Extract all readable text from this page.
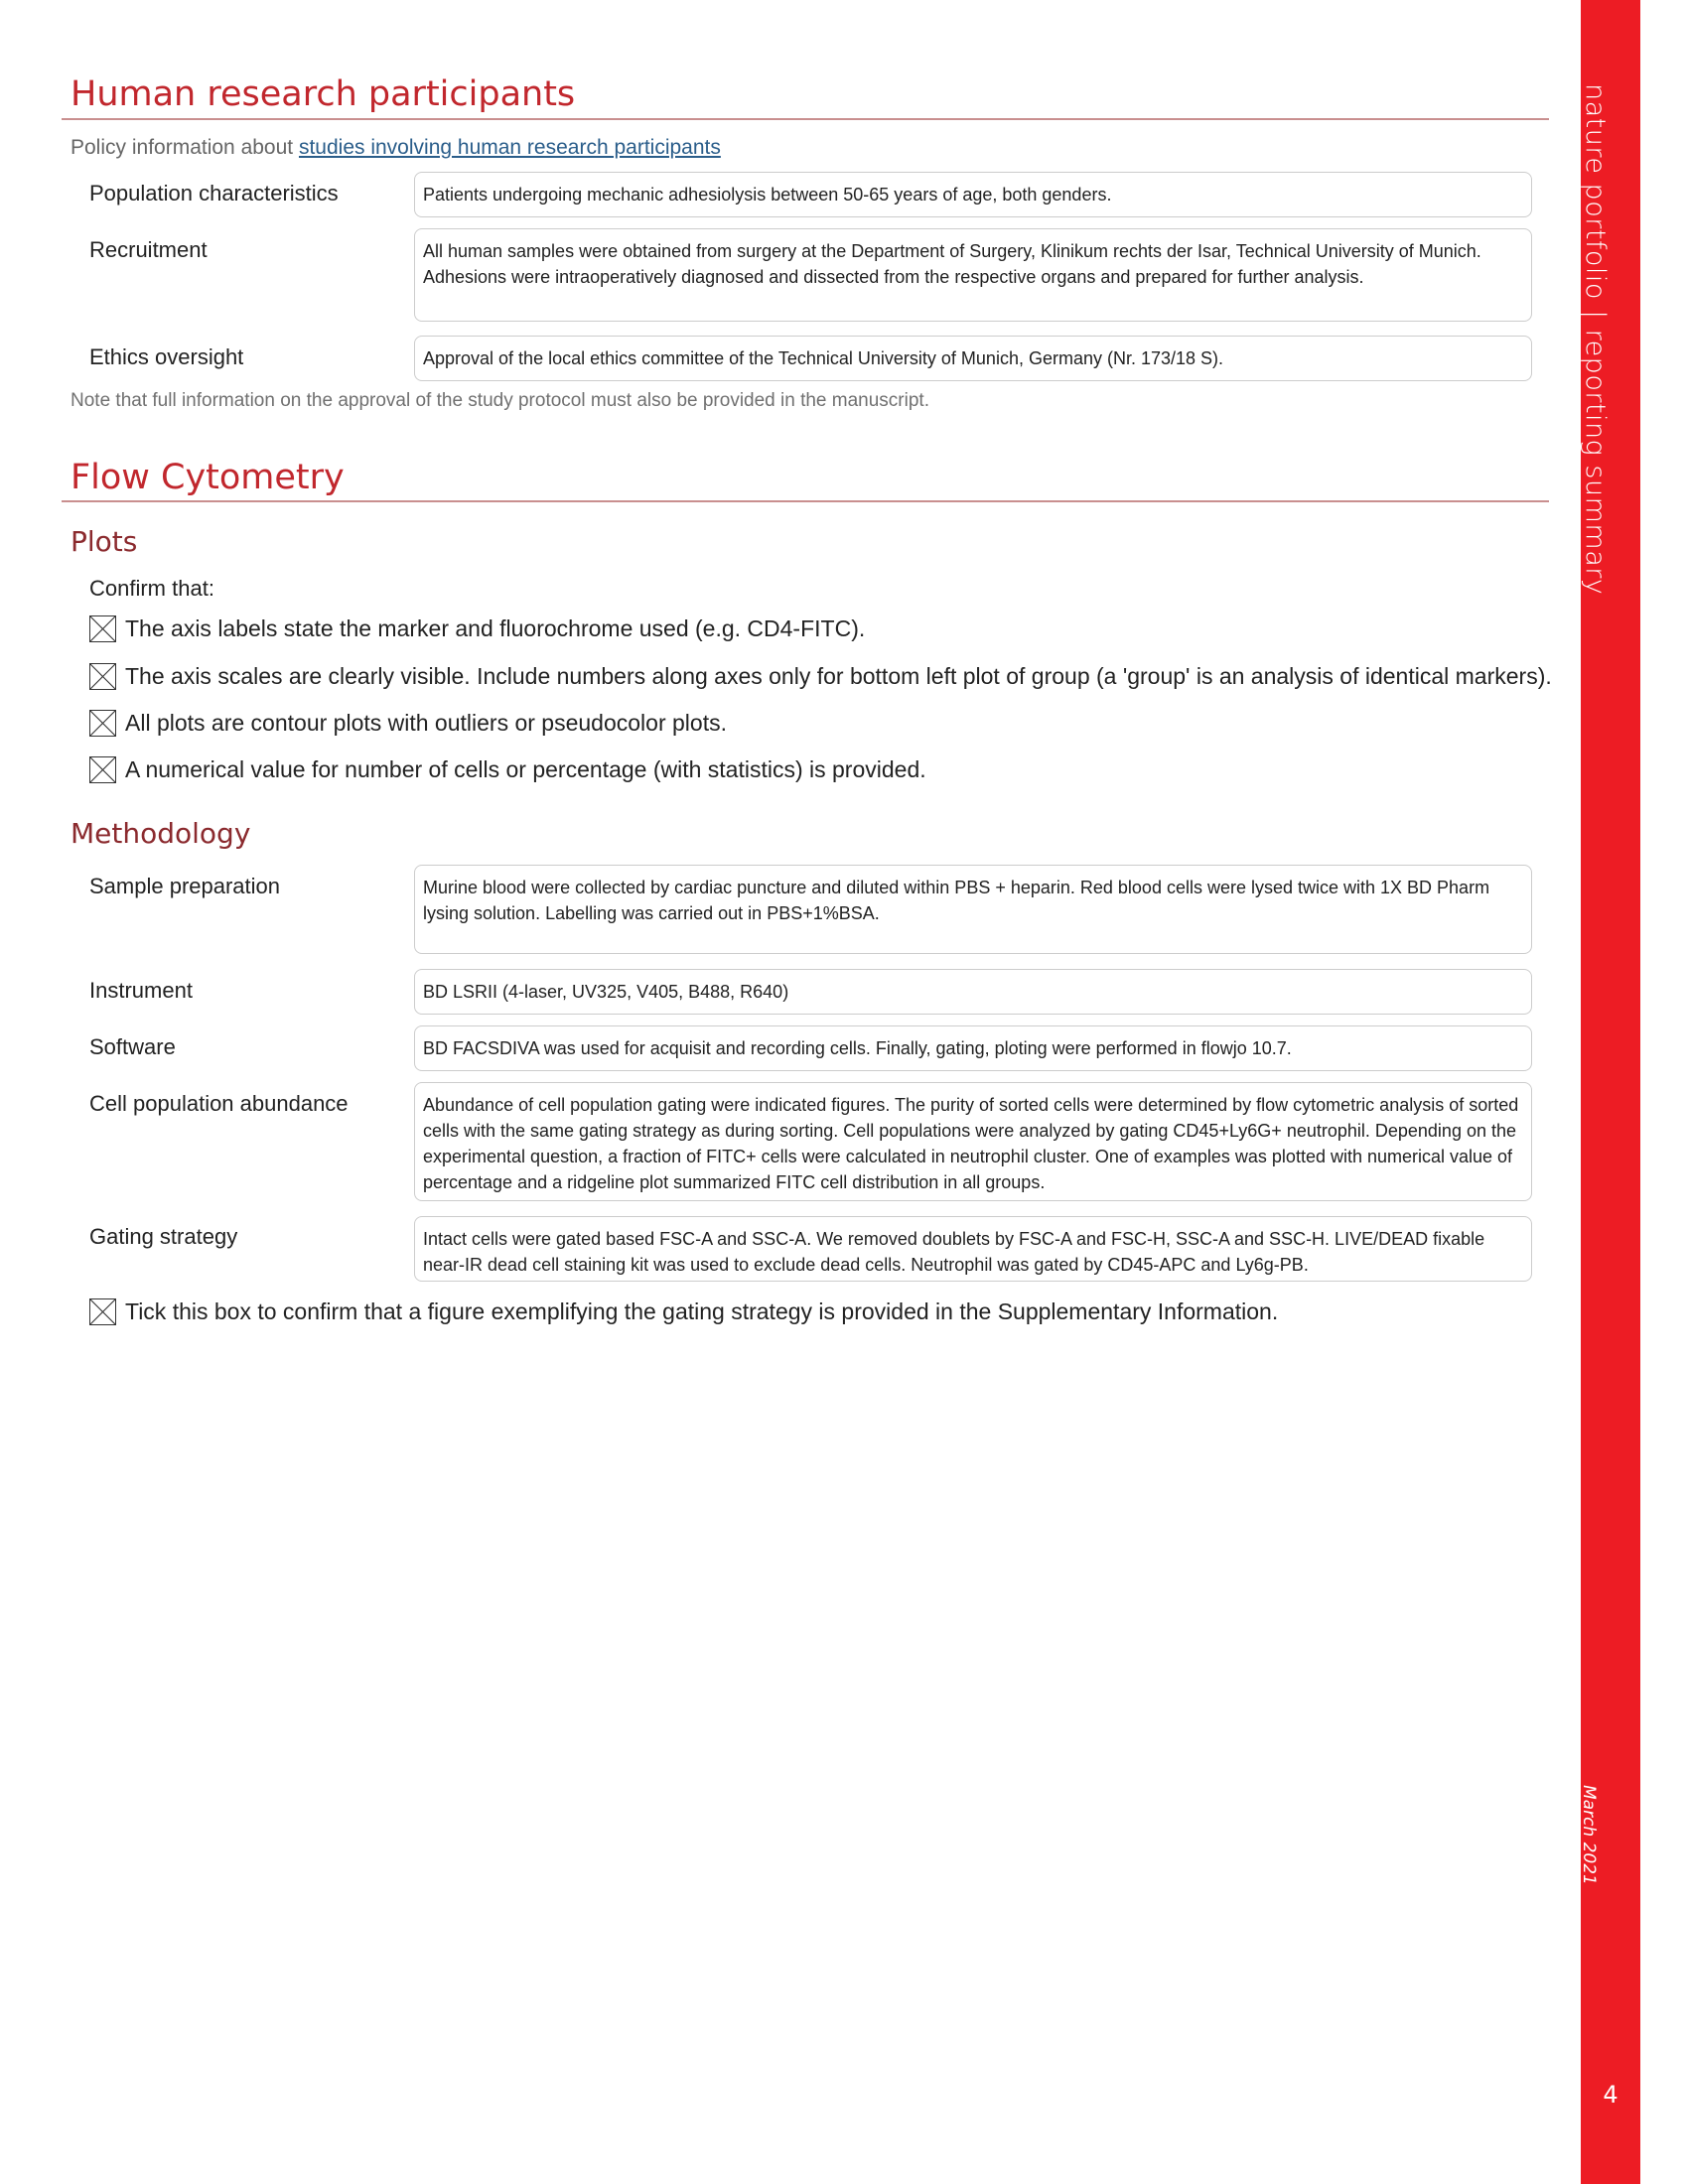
nature portfolio|reporting summary
March 2021
4
Human research participants
Policy information about studies involving human research participants
Population characteristics	Patients undergoing mechanic adhesiolysis between 50-65 years of age, both genders.
Recruitment	All human samples were obtained from surgery at the Department of Surgery, Klinikum rechts der Isar, Technical University of Munich. Adhesions were intraoperatively diagnosed and dissected from the respective organs and prepared for further analysis.
Ethics oversight	Approval of the local ethics committee of the Technical University of Munich, Germany (Nr. 173/18 S).
Note that full information on the approval of the study protocol must also be provided in the manuscript.
Flow Cytometry
Plots
Confirm that:
The axis labels state the marker and fluorochrome used (e.g. CD4-FITC).
The axis scales are clearly visible. Include numbers along axes only for bottom left plot of group (a 'group' is an analysis of identical markers).
All plots are contour plots with outliers or pseudocolor plots.
A numerical value for number of cells or percentage (with statistics) is provided.
Methodology
Sample preparation	Murine blood were collected by cardiac puncture and diluted within PBS + heparin. Red blood cells were lysed twice with 1X BD Pharm lysing solution. Labelling was carried out in PBS+1%BSA.
Instrument	BD LSRII (4-laser, UV325, V405, B488, R640)
Software	BD FACSDIVA was used for acquisit and recording cells. Finally, gating, ploting were performed in flowjo 10.7.
Cell population abundance	Abundance of cell population gating were indicated figures. The purity of sorted cells were determined by flow cytometric analysis of sorted cells with the same gating strategy as during sorting. Cell populations were analyzed by gating CD45+Ly6G+ neutrophil. Depending on the experimental question, a fraction of FITC+ cells were calculated in neutrophil cluster. One of examples was plotted with numerical value of percentage and a ridgeline plot summarized FITC cell distribution in all groups.
Gating strategy	Intact cells were gated based FSC-A and SSC-A. We removed doublets by FSC-A and FSC-H, SSC-A and SSC-H. LIVE/DEAD fixable near-IR dead cell staining kit was used to exclude dead cells. Neutrophil was gated by CD45-APC and Ly6g-PB.
Tick this box to confirm that a figure exemplifying the gating strategy is provided in the Supplementary Information.
